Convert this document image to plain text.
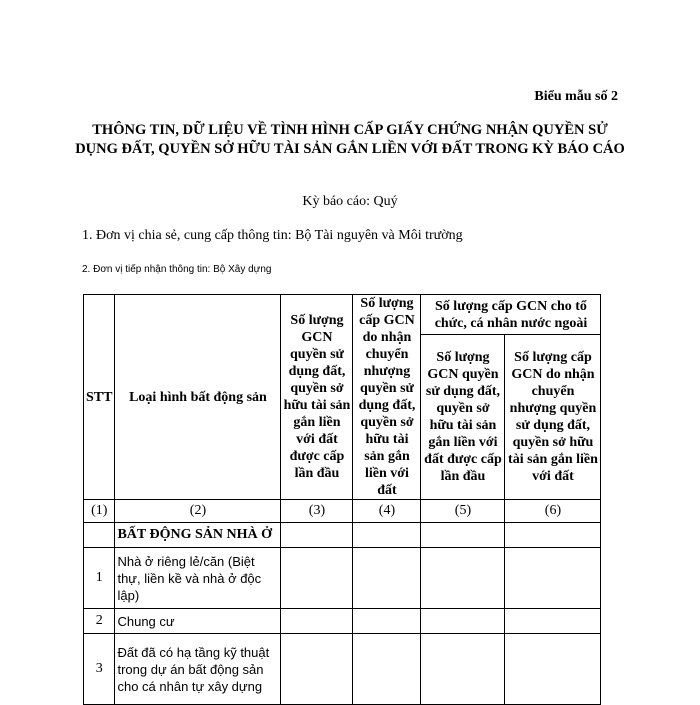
Biểu mẫu số 2
THÔNG TIN, DỮ LIỆU VỀ TÌNH HÌNH CẤP GIẤY CHỨNG NHẬN QUYỀN SỬ DỤNG ĐẤT, QUYỀN SỞ HỮU TÀI SẢN GẮN LIỀN VỚI ĐẤT TRONG KỲ BÁO CÁO
Kỳ báo cáo: Quý
1. Đơn vị chia sẻ, cung cấp thông tin: Bộ Tài nguyên và Môi trường
2. Đơn vị tiếp nhận thông tin: Bộ Xây dựng
STT	Loại hình bất động sản	Số lượng GCN quyền sử dụng đất, quyền sở hữu tài sản gắn liền với đất được cấp lần đầu	Số lượng cấp GCN do nhận chuyển nhượng quyền sử dụng đất, quyền sở hữu tài sản gắn liền với đất	Số lượng cấp GCN cho tổ chức, cá nhân nước ngoài	
				Số lượng GCN quyền sử dụng đất, quyền sở hữu tài sản gắn liền với đất được cấp lần đầu	Số lượng cấp GCN do nhận chuyển nhượng quyền sử dụng đất, quyền sở hữu tài sản gắn liền với đất
(1)	(2)	(3)	(4)	(5)	(6)
	BẤT ĐỘNG SẢN NHÀ Ở				
1	Nhà ở riêng lẻ/căn (Biệt thự, liền kề và nhà ở độc lập)				
2	Chung cư				
3	Đất đã có hạ tầng kỹ thuật trong dự án bất động sản cho cá nhân tự xây dựng				
